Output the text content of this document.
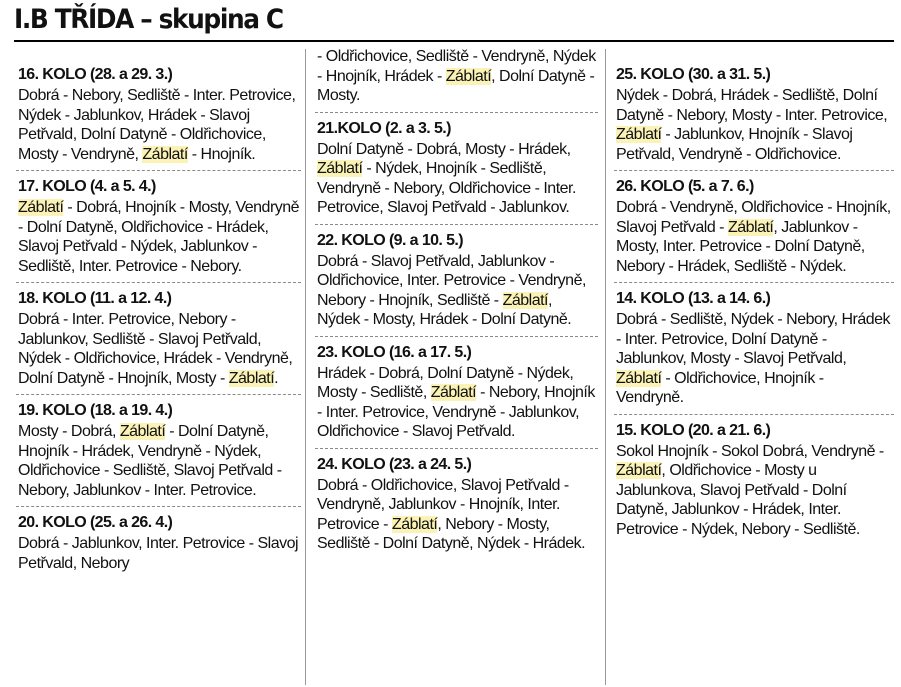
I.B TŘÍDA – skupina C

16. KOLO (28. a 29. 3.)

Dobrá - Nebory, Sedliště - Inter. Petrovice, Nýdek - Jablunkov, Hrádek - Slavoj Petřvald, Dolní Datyně - Oldřichovice, Mosty - Vendryně, Záblatí - Hnojník.

17. KOLO (4. a 5. 4.)

Záblatí - Dobrá, Hnojník - Mosty, Vendryně - Dolní Datyně, Oldřichovice - Hrádek, Slavoj Petřvald - Nýdek, Jablunkov - Sedliště, Inter. Petrovice - Nebory.

18. KOLO (11. a 12. 4.)

Dobrá - Inter. Petrovice, Nebory - Jablunkov, Sedliště - Slavoj Petřvald, Nýdek - Oldřichovice, Hrádek - Vendryně, Dolní Datyně - Hnojník, Mosty - Záblatí.

19. KOLO (18. a 19. 4.)

Mosty - Dobrá, Záblatí - Dolní Datyně, Hnojník - Hrádek, Vendryně - Nýdek, Oldřichovice - Sedliště, Slavoj Petřvald - Nebory, Jablunkov - Inter. Petrovice.

20. KOLO (25. a 26. 4.)

Dobrá - Jablunkov, Inter. Petrovice - Slavoj Petřvald, Nebory

- Oldřichovice, Sedliště - Vendryně, Nýdek - Hnojník, Hrádek - Záblatí, Dolní Datyně - Mosty.

21.KOLO (2. a 3. 5.)

Dolní Datyně - Dobrá, Mosty - Hrádek, Záblatí - Nýdek, Hnojník - Sedliště, Vendryně - Nebory, Oldřichovice - Inter. Petrovice, Slavoj Petřvald - Jablunkov.

22. KOLO (9. a 10. 5.)

Dobrá - Slavoj Petřvald, Jablunkov - Oldřichovice, Inter. Petrovice - Vendryně, Nebory - Hnojník, Sedliště - Záblatí, Nýdek - Mosty, Hrádek - Dolní Datyně.

23. KOLO (16. a 17. 5.)

Hrádek - Dobrá, Dolní Datyně - Nýdek, Mosty - Sedliště, Záblatí - Nebory, Hnojník - Inter. Petrovice, Vendryně - Jablunkov, Oldřichovice - Slavoj Petřvald.

24. KOLO (23. a 24. 5.)

Dobrá - Oldřichovice, Slavoj Petřvald - Vendryně, Jablunkov - Hnojník, Inter. Petrovice - Záblatí, Nebory - Mosty, Sedliště - Dolní Datyně, Nýdek - Hrádek.

25. KOLO (30. a 31. 5.)

Nýdek - Dobrá, Hrádek - Sedliště, Dolní Datyně - Nebory, Mosty - Inter. Petrovice, Záblatí - Jablunkov, Hnojník - Slavoj Petřvald, Vendryně - Oldřichovice.

26. KOLO (5. a 7. 6.)

Dobrá - Vendryně, Oldřichovice - Hnojník, Slavoj Petřvald - Záblatí, Jablunkov - Mosty, Inter. Petrovice - Dolní Datyně, Nebory - Hrádek, Sedliště - Nýdek.

14. KOLO (13. a 14. 6.)

Dobrá - Sedliště, Nýdek - Nebory, Hrádek - Inter. Petrovice, Dolní Datyně - Jablunkov, Mosty - Slavoj Petřvald, Záblatí - Oldřichovice, Hnojník - Vendryně.

15. KOLO (20. a 21. 6.)

Sokol Hnojník - Sokol Dobrá, Vendryně - Záblatí, Oldřichovice - Mosty u Jablunkova, Slavoj Petřvald - Dolní Datyně, Jablunkov - Hrádek, Inter. Petrovice - Nýdek, Nebory - Sedliště.
